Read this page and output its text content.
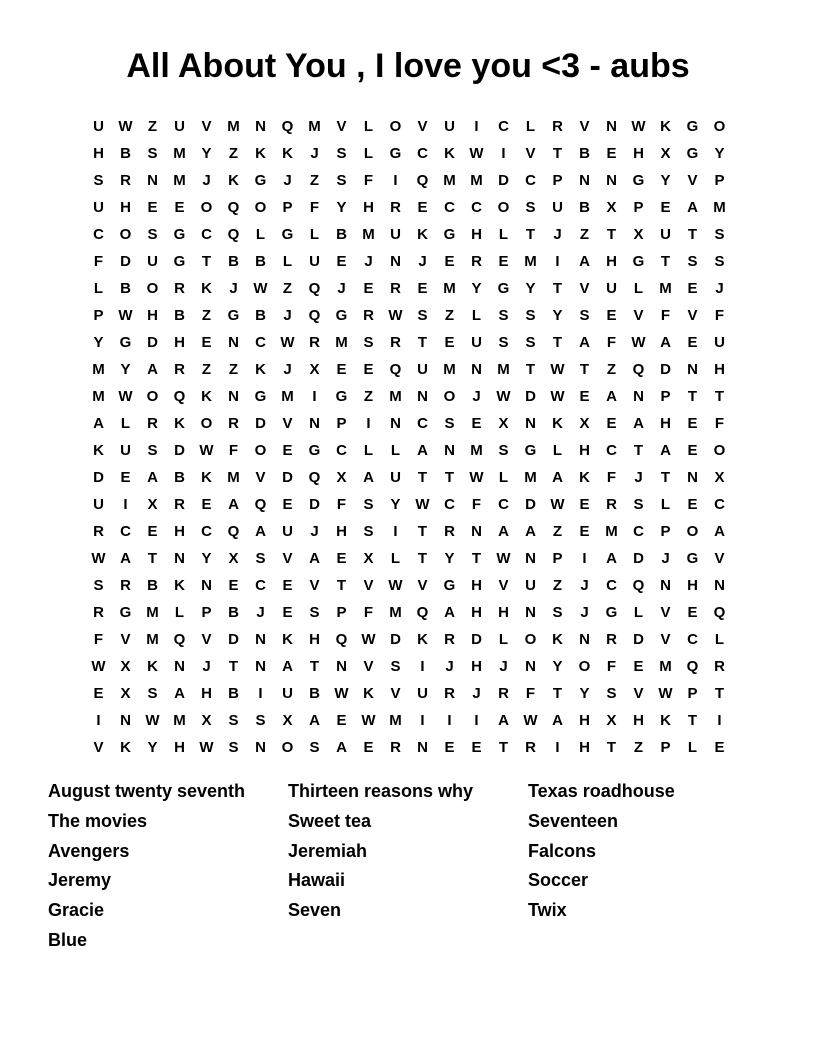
All About You , I love you <3 - aubs
U W	Z	U	V	M	N	Q M	V	L	O	V	U	I	C	L	R	V	N W K	G	O
H	B	S	M	Y	Z	K	K	J	S	L	G	C	K W	I	V	T	B	E	H	X	G	Y
S	R	N	M	J	K	G	J	Z	S	F	I	Q M M	D	C	P	N	N	G	Y	V	P
U	H	E	E	O	Q	O	P	F	Y	H	R	E	C	C	O	S	U	B	X	P	E	A	M
C	O	S	G	C	Q	L	G	L	B	M	U	K	G	H	L	T	J	Z	T	X	U	T	S
F	D	U	G	T	B	B	L	U	E	J	N	J	E	R	E	M	I	A	H	G	T	S	S
L	B	O	R	K	J	W	Z	Q	J	E	R	E	M	Y	G	Y	T	V	U	L	M	E	J
P W H	B	Z	G	B	J	Q	G	R W S	Z	L	S	S	Y	S	E	V	F	V	F
Y	G	D	H	E	N	C W R	M	S	R	T	E	U	S	S	T	A	F	W A	E	U
M	Y	A	R	Z	Z	K	J	X	E	E	Q	U	M	N	M	T	W	T	Z	Q	D	N	H
M W O	Q	K	N	G M	I	G	Z	M	N	O	J	W D W E	A	N	P	T	T
A	L	R	K	O	R	D	V	N	P	I	N	C	S	E	X	N	K	X	E	A	H	E	F
K	U	S	D W	F	O	E	G	C	L	L	A	N	M	S	G	L	H	C	T	A	E	O
D	E	A	B	K	M	V	D	Q	X	A	U	T	T	W	L	M	A	K	F	J	T	N	X
U	I	X	R	E	A	Q	E	D	F	S	Y W C	F	C	D W E	R	S	L	E	C
R	C	E	H	C	Q	A	U	J	H	S	I	T	R	N	A	A	Z	E	M	C	P	O	A
W A	T	N	Y	X	S	V	A	E	X	L	T	Y	T	W N	P	I	A	D	J	G	V
S	R	B	K	N	E	C	E	V	T	V W V	G	H	V	U	Z	J	C	Q	N	H	N
R	G M	L	P	B	J	E	S	P	F	M Q	A	H	H	N	S	J	G	L	V	E	Q
F	V	M Q	V	D	N	K	H	Q W D	K	R	D	L	O	K	N	R	D	V	C	L
W X	K	N	J	T	N	A	T	N	V	S	I	J	H	J	N	Y	O	F	E	M Q	R
E	X	S	A	H	B	I	U	B W K	V	U	R	J	R	F	T	Y	S	V W P	T
I	N W M	X	S	S	X	A	E W M	I	I	I	A W A	H	X	H	K	T	I
V	K	Y	H W S	N	O	S	A	E	R	N	E	E	T	R	I	H	T	Z	P	L	E
August twenty seventh	Thirteen reasons why	Texas roadhouse
The movies	Sweet tea	Seventeen
Avengers	Jeremiah	Falcons
Jeremy	Hawaii	Soccer
Gracie	Seven	Twix
Blue
